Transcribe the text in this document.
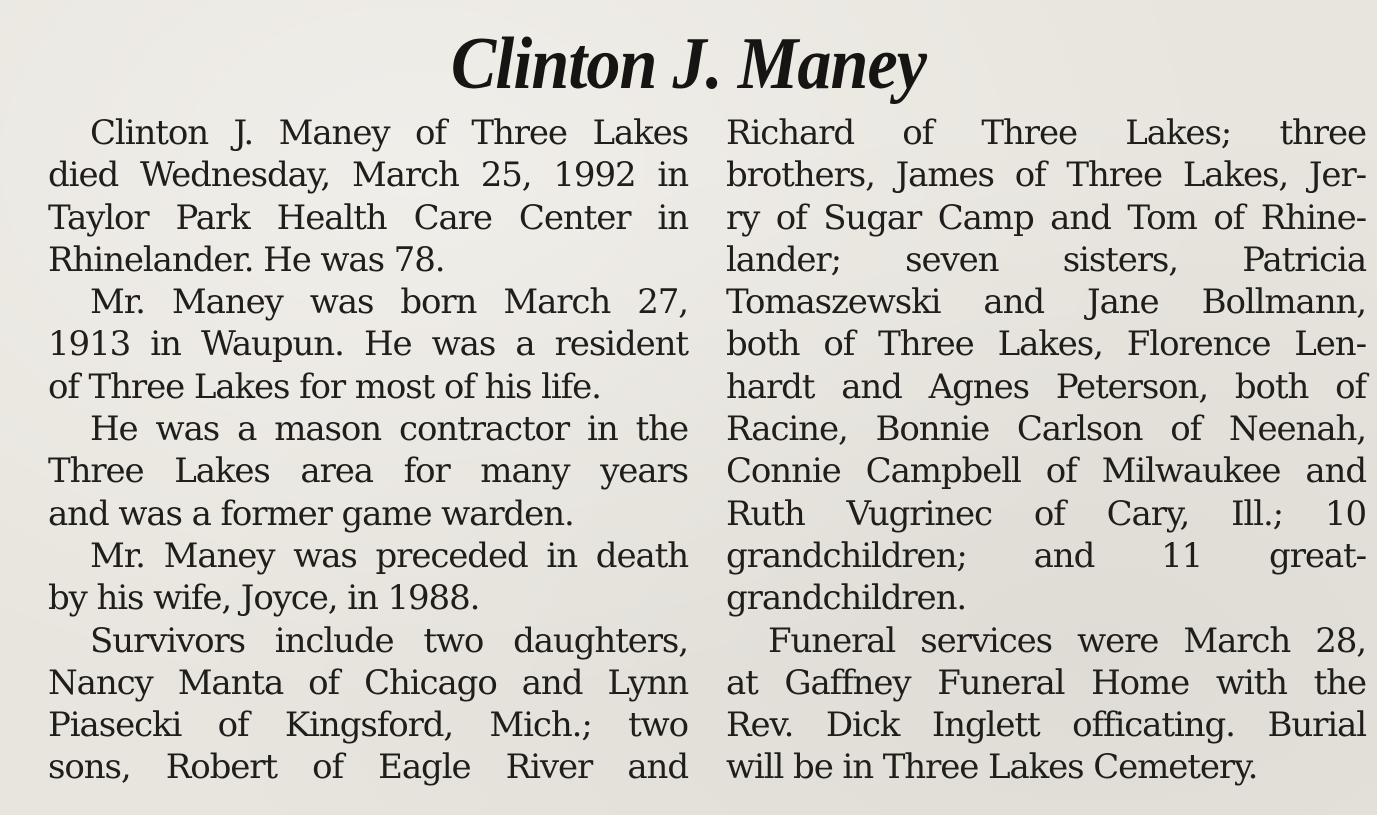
Clinton J. Maney
Clinton J. Maney of Three Lakes
died Wednesday, March 25, 1992 in
Taylor Park Health Care Center in
Rhinelander. He was 78.
Mr. Maney was born March 27,
1913 in Waupun. He was a resident
of Three Lakes for most of his life.
He was a mason contractor in the
Three Lakes area for many years
and was a former game warden.
Mr. Maney was preceded in death
by his wife, Joyce, in 1988.
Survivors include two daughters,
Nancy Manta of Chicago and Lynn
Piasecki of Kingsford, Mich.; two
sons, Robert of Eagle River and
Richard of Three Lakes; three
brothers, James of Three Lakes, Jer-
ry of Sugar Camp and Tom of Rhine-
lander; seven sisters, Patricia
Tomaszewski and Jane Bollmann,
both of Three Lakes, Florence Len-
hardt and Agnes Peterson, both of
Racine, Bonnie Carlson of Neenah,
Connie Campbell of Milwaukee and
Ruth Vugrinec of Cary, Ill.; 10
grandchildren; and 11 great-
grandchildren.
Funeral services were March 28,
at Gaffney Funeral Home with the
Rev. Dick Inglett officating. Burial
will be in Three Lakes Cemetery.
